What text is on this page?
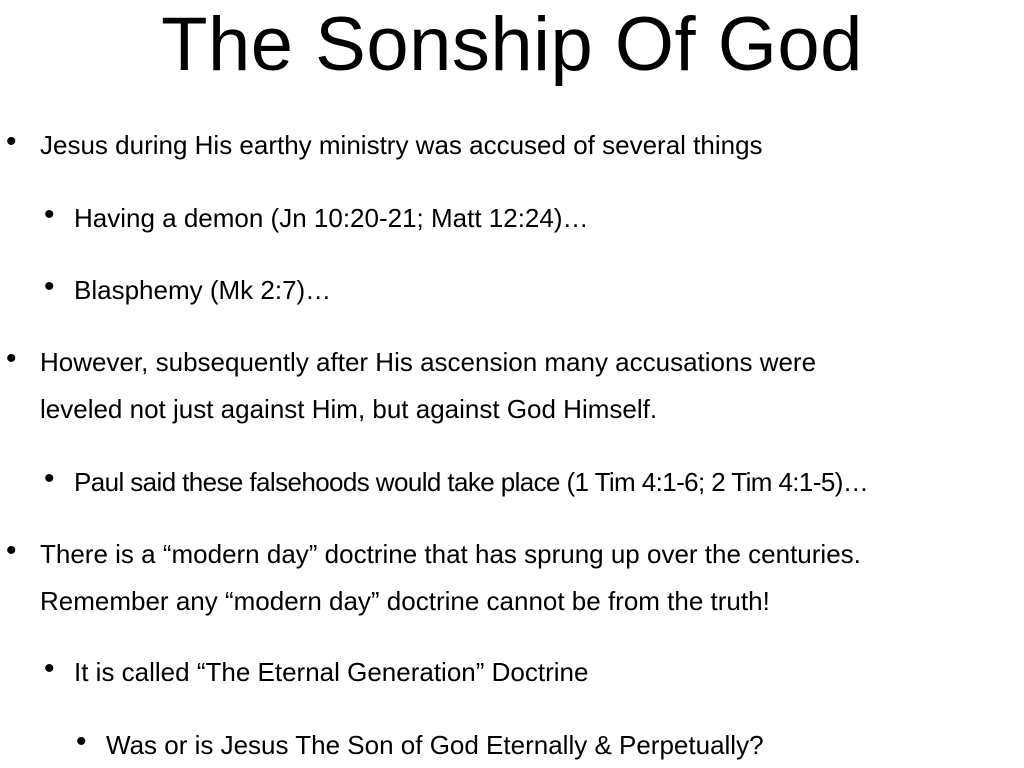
The Sonship Of God
• Jesus during His earthy ministry was accused of several things
• Having a demon (Jn 10:20-21; Matt 12:24)…
• Blasphemy (Mk 2:7)…
• However, subsequently after His ascension many accusations were
leveled not just against Him, but against God Himself.
• Paul said these falsehoods would take place (1 Tim 4:1-6; 2 Tim 4:1-5)…
• There is a “modern day” doctrine that has sprung up over the centuries.
Remember any “modern day” doctrine cannot be from the truth!
• It is called “The Eternal Generation” Doctrine
• Was or is Jesus The Son of God Eternally & Perpetually?
